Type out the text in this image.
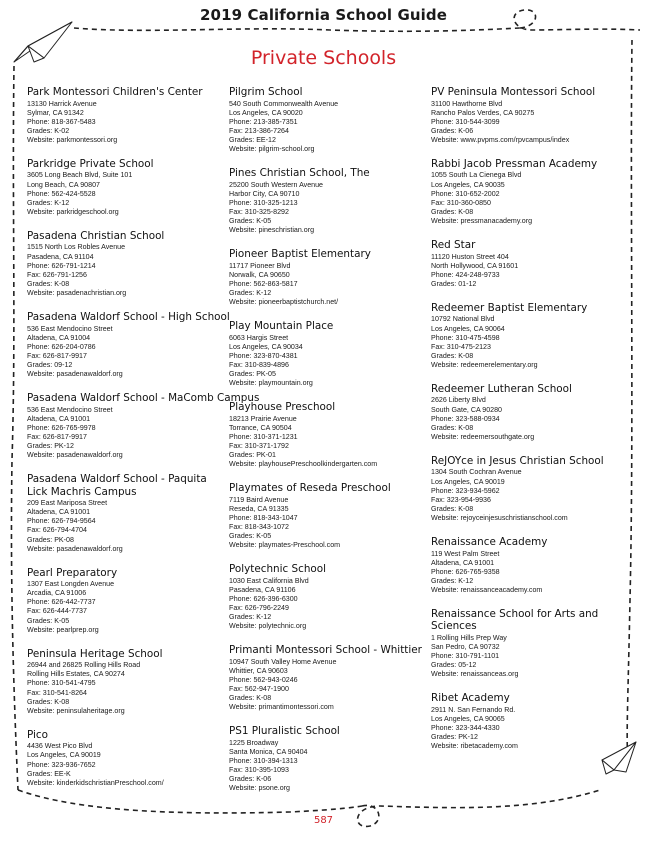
2019 California School Guide
Private Schools
Park Montessori Children's Center
13130 Harrick Avenue
Sylmar, CA 91342
Phone: 818-367-5483
Grades: K-02
Website: parkmontessori.org
Parkridge Private School
3605 Long Beach Blvd, Suite 101
Long Beach, CA 90807
Phone: 562-424-5528
Grades: K-12
Website: parkridgeschool.org
Pasadena Christian School
1515 North Los Robles Avenue
Pasadena, CA 91104
Phone: 626-791-1214
Fax: 626-791-1256
Grades: K-08
Website: pasadenachristian.org
Pasadena Waldorf School - High School
536 East Mendocino Street
Altadena, CA 91004
Phone: 626-204-0786
Fax: 626-817-9917
Grades: 09-12
Website: pasadenawaldorf.org
Pasadena Waldorf School - MaComb Campus
536 East Mendocino Street
Altadena, CA 91001
Phone: 626-765-9978
Fax: 626-817-9917
Grades: PK-12
Website: pasadenawaldorf.org
Pasadena Waldorf School - Paquita Lick Machris Campus
209 East Mariposa Street
Altadena, CA 91001
Phone: 626-794-9564
Fax: 626-794-4704
Grades: PK-08
Website: pasadenawaldorf.org
Pearl Preparatory
1307 East Longden Avenue
Arcadia, CA 91006
Phone: 626-442-7737
Fax: 626-444-7737
Grades: K-05
Website: pearlprep.org
Peninsula Heritage School
26944 and 26825 Rolling Hills Road
Rolling Hills Estates, CA 90274
Phone: 310-541-4795
Fax: 310-541-8264
Grades: K-08
Website: peninsulaheritage.org
Pico
4436 West Pico Blvd
Los Angeles, CA 90019
Phone: 323-936-7652
Grades: EE-K
Website: kinderkidschristianPreschool.com/
Pilgrim School
540 South Commonwealth Avenue
Los Angeles, CA 90020
Phone: 213-385-7351
Fax: 213-386-7264
Grades: EE-12
Website: pilgrim-school.org
Pines Christian School, The
25200 South Western Avenue
Harbor City, CA 90710
Phone: 310-325-1213
Fax: 310-325-8292
Grades: K-05
Website: pineschristian.org
Pioneer Baptist Elementary
11717 Pioneer Blvd
Norwalk, CA 90650
Phone: 562-863-5817
Grades: K-12
Website: pioneerbaptistchurch.net/
Play Mountain Place
6063 Hargis Street
Los Angeles, CA 90034
Phone: 323-870-4381
Fax: 310-839-4896
Grades: PK-05
Website: playmountain.org
Playhouse Preschool
18213 Prairie Avenue
Torrance, CA 90504
Phone: 310-371-1231
Fax: 310-371-1792
Grades: PK-01
Website: playhousePreschoolkindergarten.com
Playmates of Reseda Preschool
7119 Baird Avenue
Reseda, CA 91335
Phone: 818-343-1047
Fax: 818-343-1072
Grades: K-05
Website: playmates-Preschool.com
Polytechnic School
1030 East California Blvd
Pasadena, CA 91106
Phone: 626-396-6300
Fax: 626-796-2249
Grades: K-12
Website: polytechnic.org
Primanti Montessori School - Whittier
10947 South Valley Home Avenue
Whittier, CA 90603
Phone: 562-943-0246
Fax: 562-947-1900
Grades: K-08
Website: primantimontessori.com
PS1 Pluralistic School
1225 Broadway
Santa Monica, CA 90404
Phone: 310-394-1313
Fax: 310-395-1093
Grades: K-06
Website: psone.org
PV Peninsula Montessori School
31100 Hawthorne Blvd
Rancho Palos Verdes, CA 90275
Phone: 310-544-3099
Grades: K-06
Website: www.pvpms.com/rpvcampus/index
Rabbi Jacob Pressman Academy
1055 South La Cienega Blvd
Los Angeles, CA 90035
Phone: 310-652-2002
Fax: 310-360-0850
Grades: K-08
Website: pressmanacademy.org
Red Star
11120 Huston Street 404
North Hollywood, CA 91601
Phone: 424-248-9733
Grades: 01-12
Redeemer Baptist Elementary
10792 National Blvd
Los Angeles, CA 90064
Phone: 310-475-4598
Fax: 310-475-2123
Grades: K-08
Website: redeemerelementary.org
Redeemer Lutheran School
2626 Liberty Blvd
South Gate, CA 90280
Phone: 323-588-0934
Grades: K-08
Website: redeemersouthgate.org
ReJOYce in Jesus Christian School
1304 South Cochran Avenue
Los Angeles, CA 90019
Phone: 323-934-5962
Fax: 323-954-9936
Grades: K-08
Website: rejoyceinjesuschristianschool.com
Renaissance Academy
119 West Palm Street
Altadena, CA 91001
Phone: 626-765-9358
Grades: K-12
Website: renaissanceacademy.com
Renaissance School for Arts and Sciences
1 Rolling Hills Prep Way
San Pedro, CA 90732
Phone: 310-791-1101
Grades: 05-12
Website: renaissanceas.org
Ribet Academy
2911 N. San Fernando Rd.
Los Angeles, CA 90065
Phone: 323-344-4330
Grades: PK-12
Website: ribetacademy.com
587
